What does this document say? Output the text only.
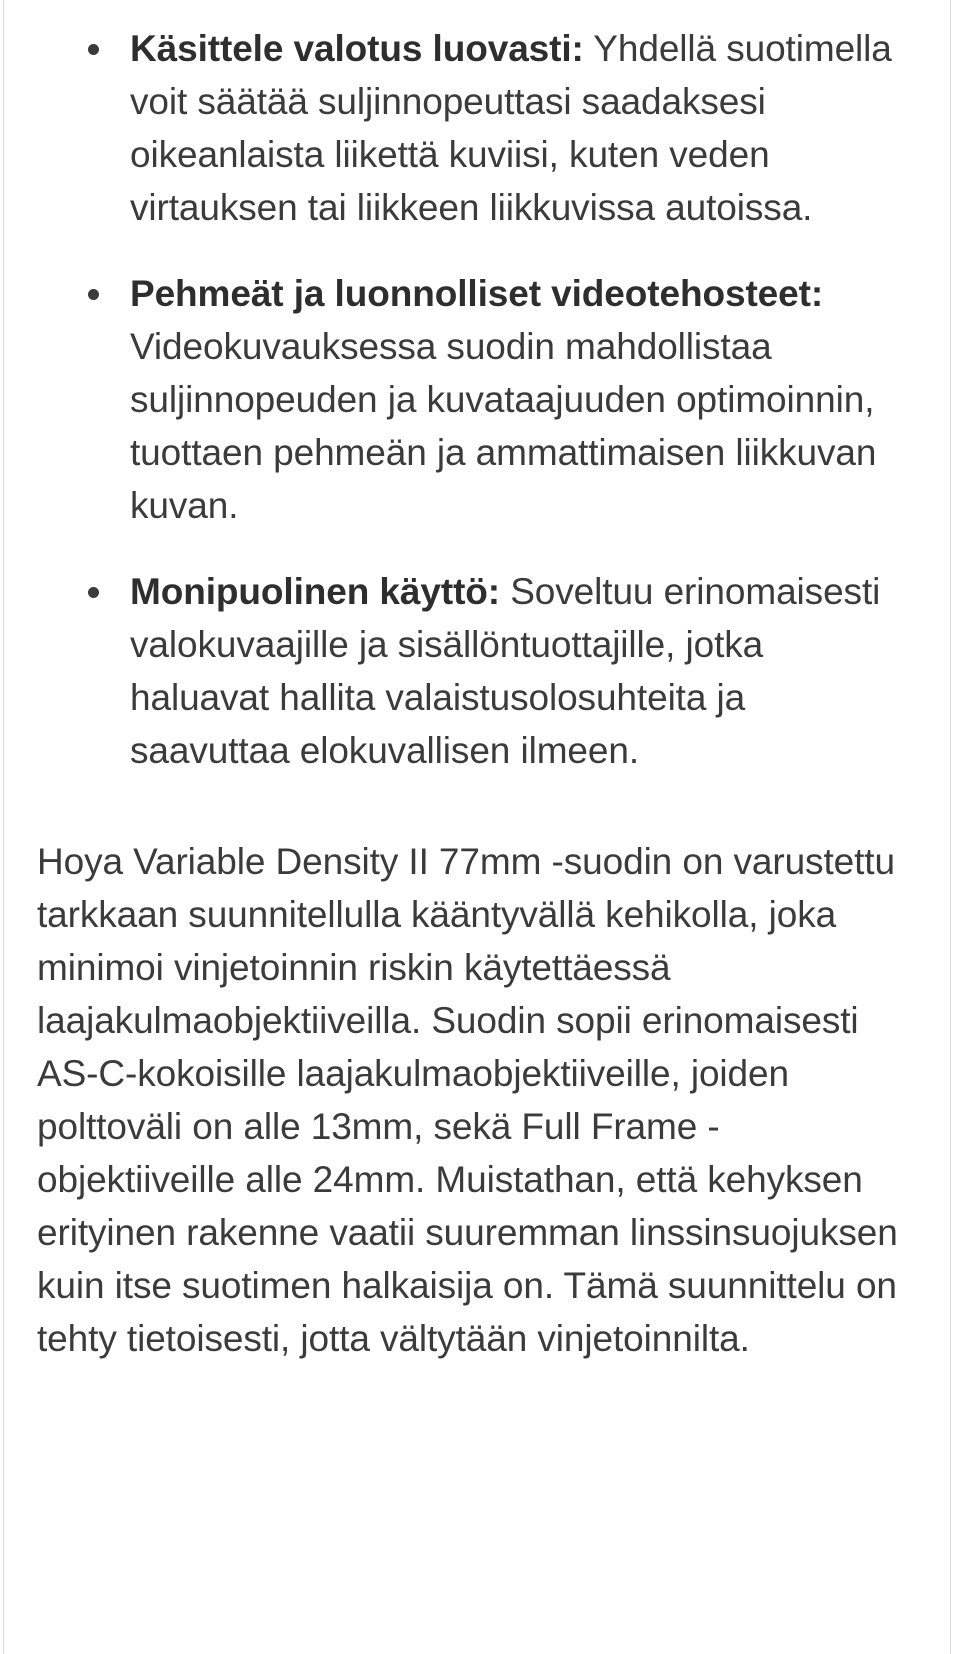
Käsittele valotus luovasti: Yhdellä suotimella voit säätää suljinnopeuttasi saadaksesi oikeanlaista liikettä kuviisi, kuten veden virtauksen tai liikkeen liikkuvissa autoissa.
Pehmeät ja luonnolliset videotehosteet: Videokuvauksessa suodin mahdollistaa suljinnopeuden ja kuvataajuuden optimoinnin, tuottaen pehmeän ja ammattimaisen liikkuvan kuvan.
Monipuolinen käyttö: Soveltuu erinomaisesti valokuvaajille ja sisällöntuottajille, jotka haluavat hallita valaistusolosuhteita ja saavuttaa elokuvallisen ilmeen.

Hoya Variable Density II 77mm -suodin on varustettu tarkkaan suunnitellulla kääntyvällä kehikolla, joka minimoi vinjetoinnin riskin käytettäessä laajakulmaobjektiiveilla. Suodin sopii erinomaisesti AS-C-kokoisille laajakulmaobjektiiveille, joiden polttoväli on alle 13mm, sekä Full Frame -objektiiveille alle 24mm. Muistathan, että kehyksen erityinen rakenne vaatii suuremman linssinsuojuksen kuin itse suotimen halkaisija on. Tämä suunnittelu on tehty tietoisesti, jotta vältytään vinjetoinnilta.
